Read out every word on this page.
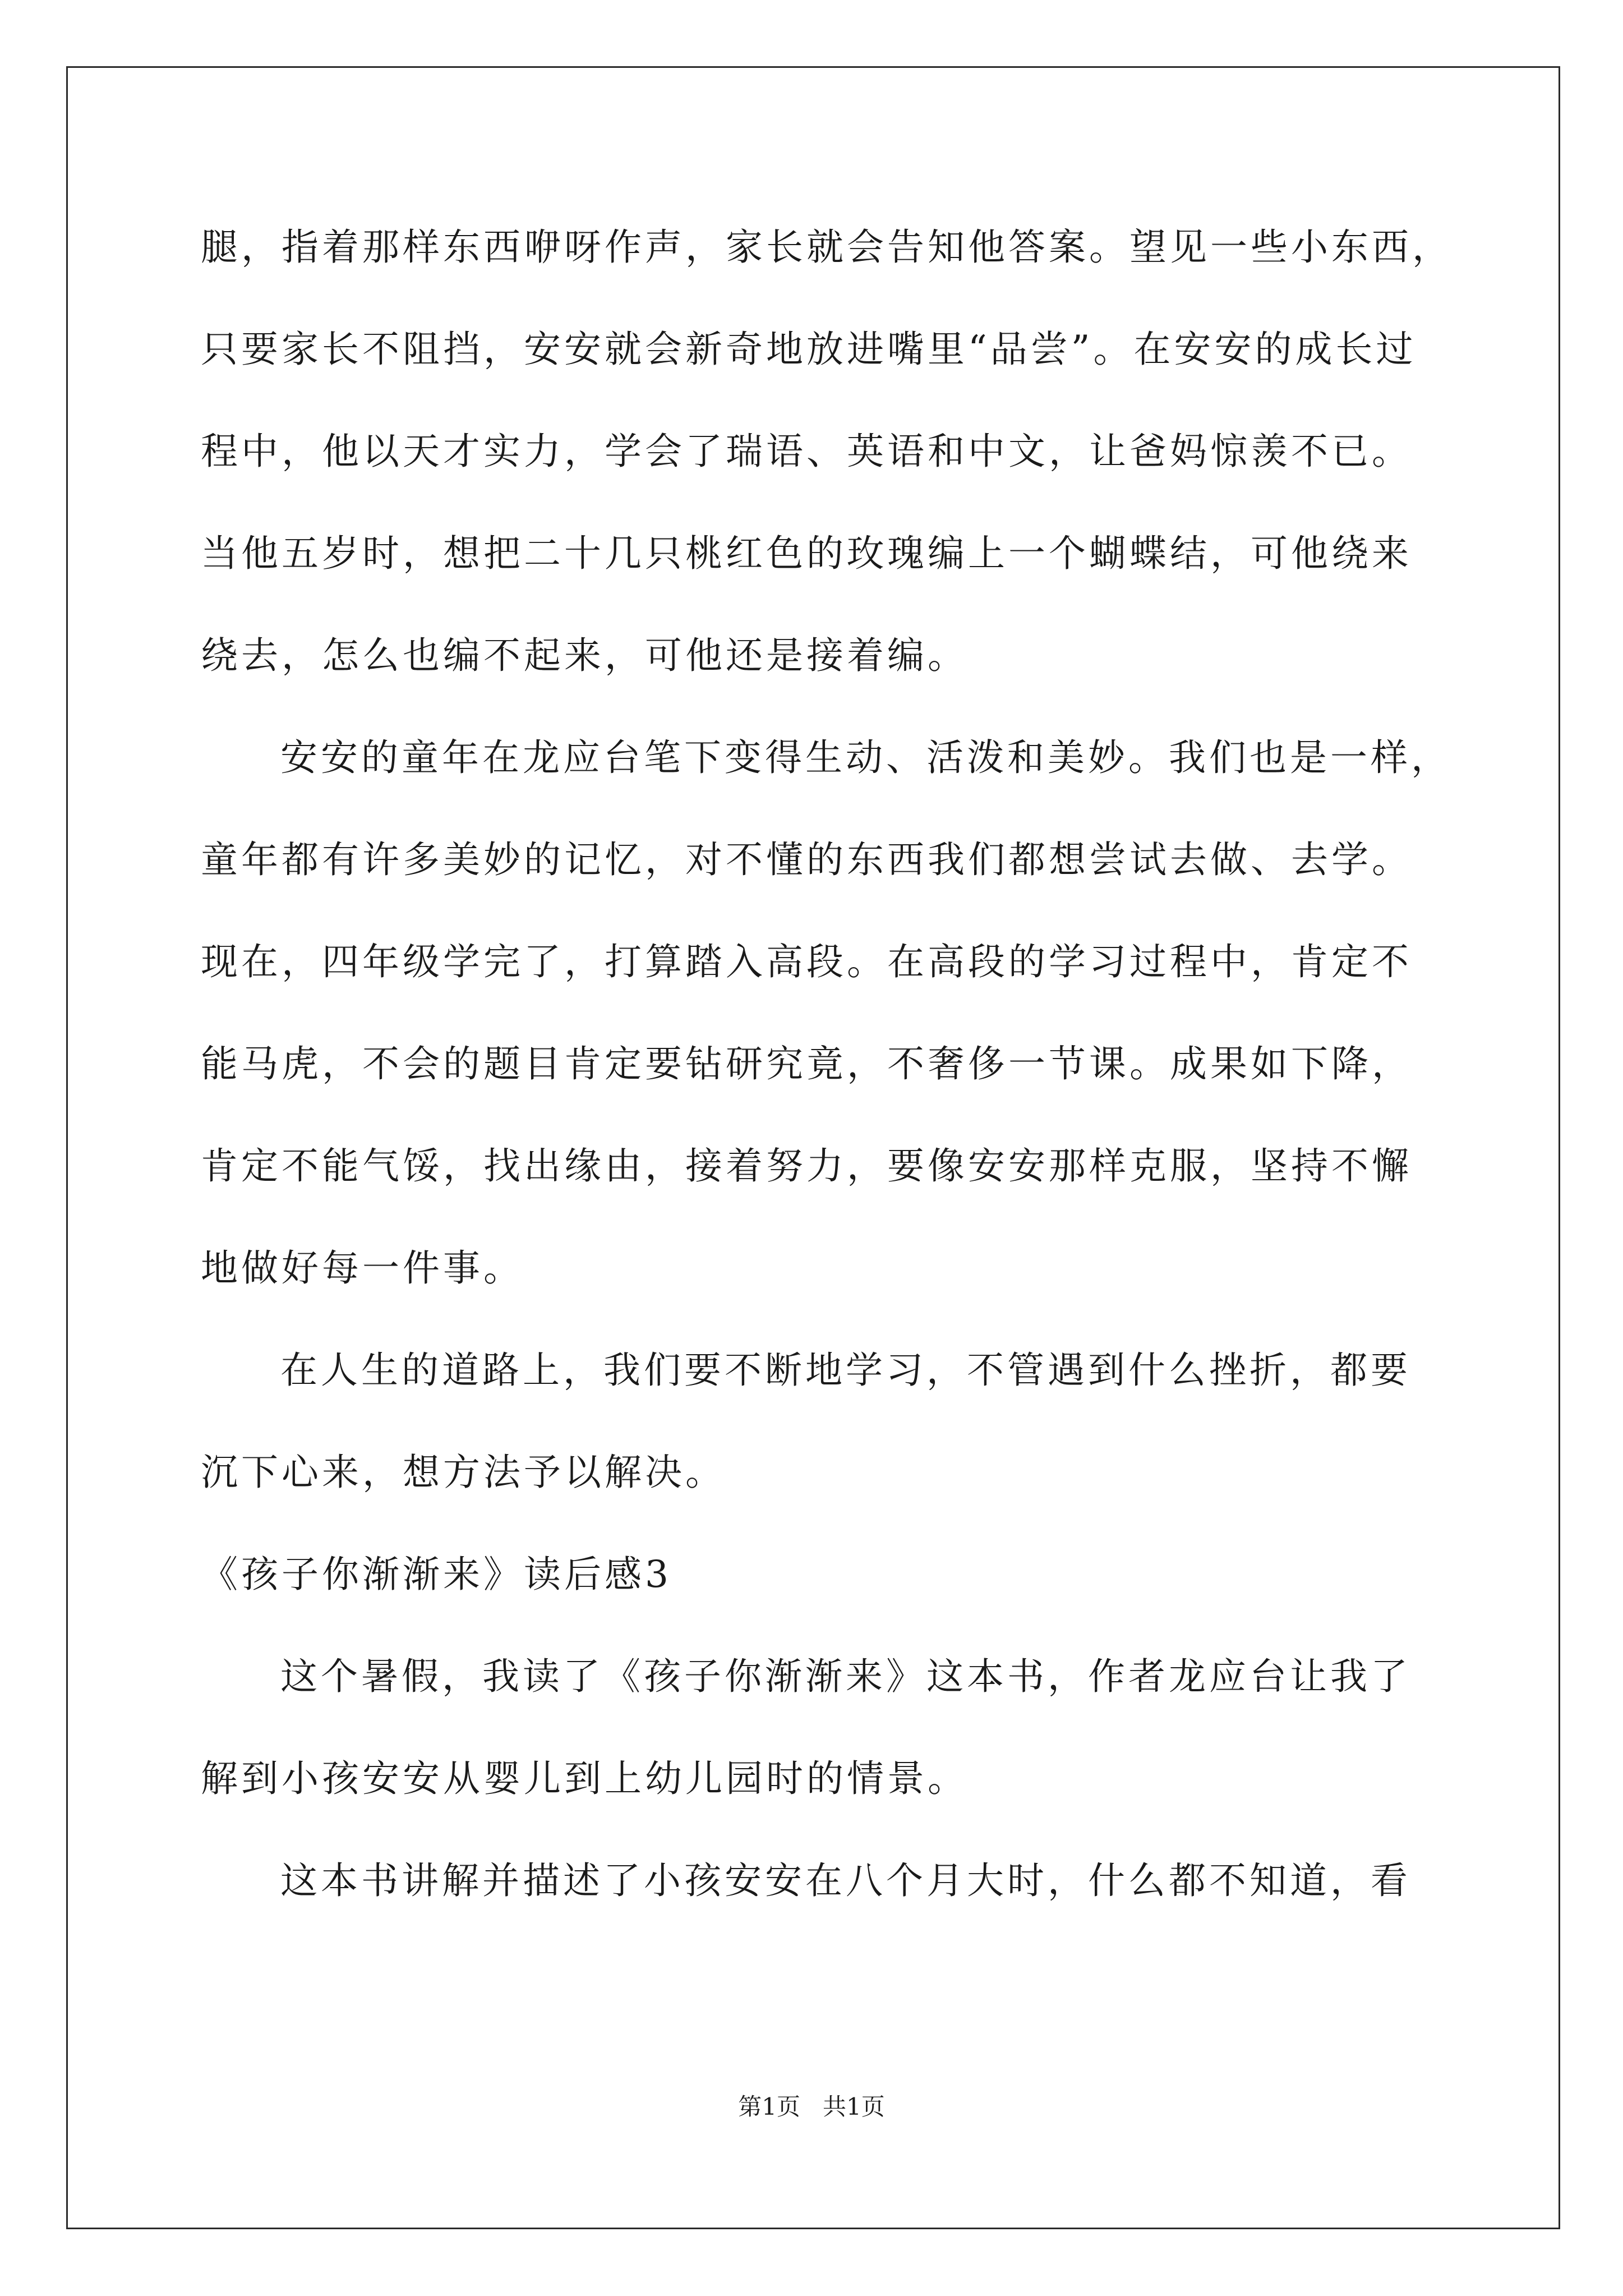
腿，指着那样东西咿呀作声，家长就会告知他答案。望见一些小东西，
只要家长不阻挡，安安就会新奇地放进嘴里“品尝”。在安安的成长过
程中，他以天才实力，学会了瑞语、英语和中文，让爸妈惊羡不已。
当他五岁时，想把二十几只桃红色的玫瑰编上一个蝴蝶结，可他绕来
绕去，怎么也编不起来，可他还是接着编。
安安的童年在龙应台笔下变得生动、活泼和美妙。我们也是一样，
童年都有许多美妙的记忆，对不懂的东西我们都想尝试去做、去学。
现在，四年级学完了，打算踏入高段。在高段的学习过程中，肯定不
能马虎，不会的题目肯定要钻研究竟，不奢侈一节课。成果如下降，
肯定不能气馁，找出缘由，接着努力，要像安安那样克服，坚持不懈
地做好每一件事。
在人生的道路上，我们要不断地学习，不管遇到什么挫折，都要
沉下心来，想方法予以解决。
《孩子你渐渐来》读后感3
这个暑假，我读了《孩子你渐渐来》这本书，作者龙应台让我了
解到小孩安安从婴儿到上幼儿园时的情景。
这本书讲解并描述了小孩安安在八个月大时，什么都不知道，看
第1页   共1页
